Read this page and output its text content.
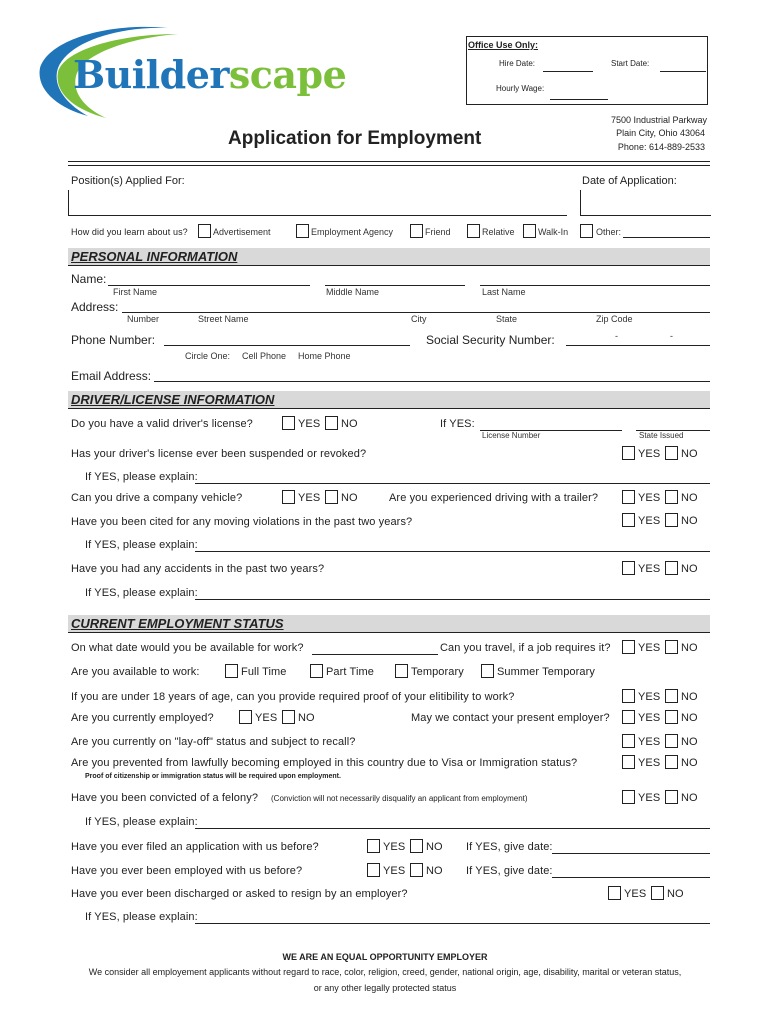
Builderscape
Office Use Only:
Hire Date:	Start Date:
Hourly Wage:
7500 Industrial Parkway
Plain City, Ohio 43064
Phone: 614-889-2533
Application for Employment
Position(s) Applied For:	Date of Application:
How did you learn about us?	Advertisement	Employment Agency	Friend	Relative	Walk-In	Other:
PERSONAL INFORMATION
Name:
First Name	Middle Name	Last Name
Address:
Number	Street Name	City	State	Zip Code
Phone Number:	Social Security Number:	-	-
Circle One: Cell Phone Home Phone
Email Address:
DRIVER/LICENSE INFORMATION
Do you have a valid driver's license?	YES NO	If YES:
License Number	State Issued
Has your driver's license ever been suspended or revoked?	YES NO
If YES, please explain:
Can you drive a company vehicle?	YES NO	Are you experienced driving with a trailer?	YES NO
Have you been cited for any moving violations in the past two years?	YES NO
If YES, please explain:
Have you had any accidents in the past two years?	YES NO
If YES, please explain:
CURRENT EMPLOYMENT STATUS
On what date would you be available for work?	Can you travel, if a job requires it? YES NO
Are you available to work:	Full Time	Part Time	Temporary	Summer Temporary
If you are under 18 years of age, can you provide required proof of your elitibility to work?	YES NO
Are you currently employed?	YES NO	May we contact your present employer?	YES NO
Are you currently on "lay-off" status and subject to recall?	YES NO
Are you prevented from lawfully becoming employed in this country due to Visa or Immigration status?	YES NO
Proof of citizenship or immigration status will be required upon employment.
Have you been convicted of a felony? (Conviction will not necessarily disqualify an applicant from employment)	YES NO
If YES, please explain:
Have you ever filed an application with us before?	YES NO If YES, give date:
Have you ever been employed with us before?	YES NO If YES, give date:
Have you ever been discharged or asked to resign by an employer?	YES NO
If YES, please explain:
WE ARE AN EQUAL OPPORTUNITY EMPLOYER
We consider all employement applicants without regard to race, color, religion, creed, gender, national origin, age, disability, marital or veteran status,
or any other legally protected status
